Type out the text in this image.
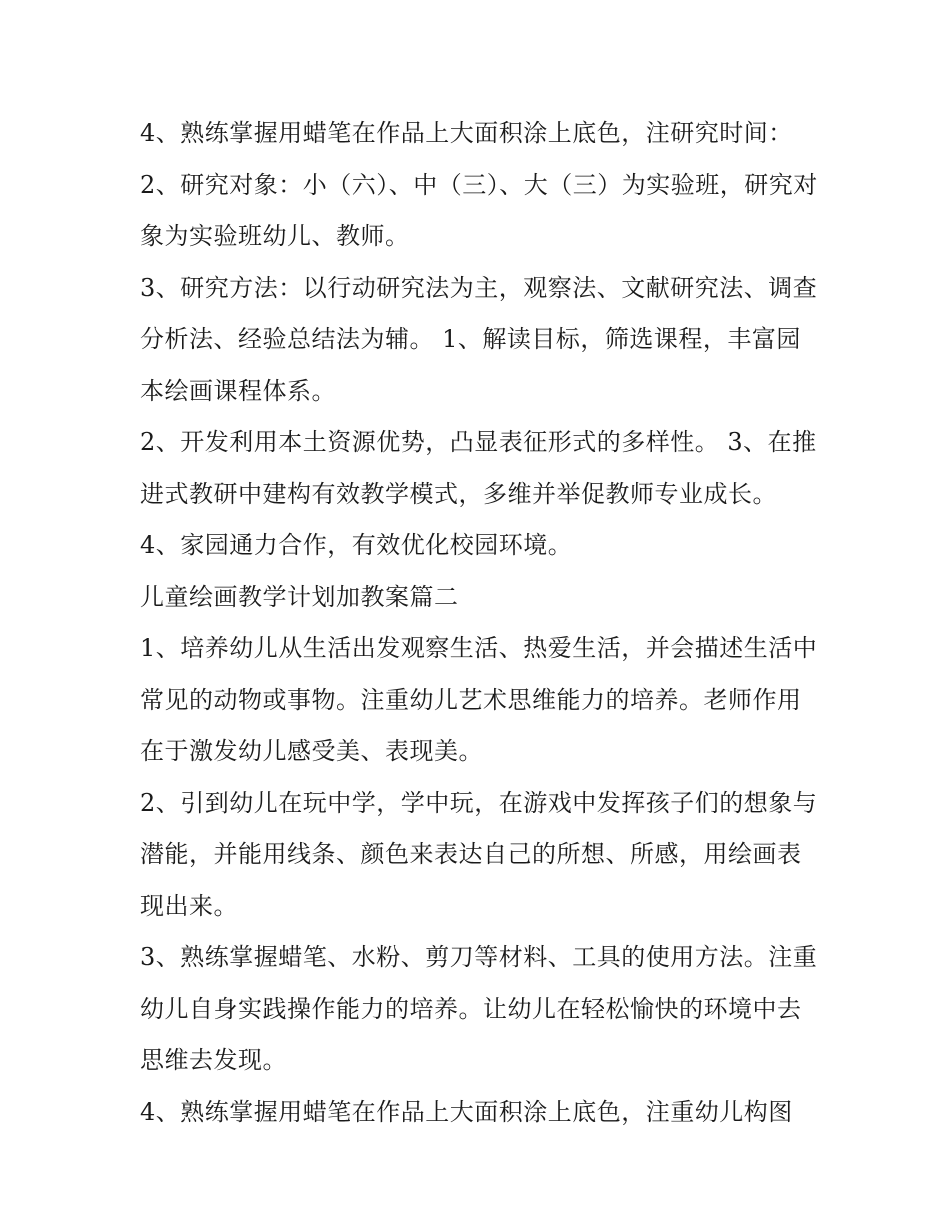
4、熟练掌握用蜡笔在作品上大面积涂上底色，注研究时间：

2、研究对象：小（六）、中（三）、大（三）为实验班，研究对象为实验班幼儿、教师。

3、研究方法：以行动研究法为主，观察法、文献研究法、调查分析法、经验总结法为辅。 1、解读目标，筛选课程，丰富园本绘画课程体系。

2、开发利用本土资源优势，凸显表征形式的多样性。 3、在推进式教研中建构有效教学模式，多维并举促教师专业成长。

4、家园通力合作，有效优化校园环境。

儿童绘画教学计划加教案篇二

1、培养幼儿从生活出发观察生活、热爱生活，并会描述生活中常见的动物或事物。注重幼儿艺术思维能力的培养。老师作用在于激发幼儿感受美、表现美。

2、引到幼儿在玩中学，学中玩，在游戏中发挥孩子们的想象与潜能，并能用线条、颜色来表达自己的所想、所感，用绘画表现出来。

3、熟练掌握蜡笔、水粉、剪刀等材料、工具的使用方法。注重幼儿自身实践操作能力的培养。让幼儿在轻松愉快的环境中去思维去发现。

4、熟练掌握用蜡笔在作品上大面积涂上底色，注重幼儿构图
